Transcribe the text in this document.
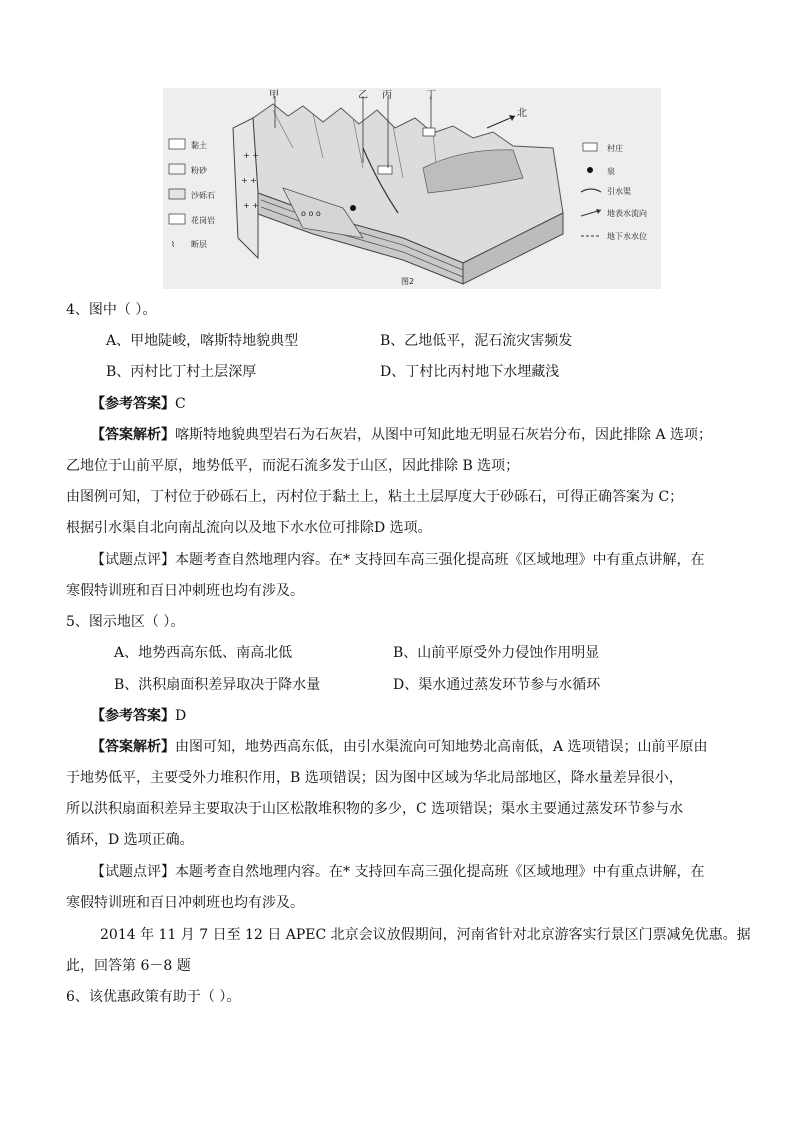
+ +
+ +
+ +
o o o
⌇
甲	乙 丙	丁
北
图2
黏土
粉砂
沙砾石
花岗岩
断层
村庄
泉
引水渠
地表水流向
地下水水位
4、图中（ ）。
A、甲地陡峻，喀斯特地貌典型	B、乙地低平，泥石流灾害频发
B、丙村比丁村土层深厚	D、丁村比丙村地下水埋藏浅
【参考答案】C
【答案解析】喀斯特地貌典型岩石为石灰岩，从图中可知此地无明显石灰岩分布，因此排除 A 选项；
乙地位于山前平原，地势低平，而泥石流多发于山区，因此排除 B 选项；
由图例可知，丁村位于砂砾石上，丙村位于黏土上，粘土土层厚度大于砂砾石，可得正确答案为 C；
根据引水渠自北向南乩流向以及地下水水位可排除D 选项。
【试题点评】本题考查自然地理内容。在* 支持回车高三强化提高班《区域地理》中有重点讲解，在
寒假特训班和百日冲刺班也均有涉及。
5、图示地区（ ）。
A、地势西高东低、南高北低	B、山前平原受外力侵蚀作用明显
B、洪积扇面积差异取决于降水量	D、渠水通过蒸发环节参与水循环
【参考答案】D
【答案解析】由图可知，地势西高东低，由引水渠流向可知地势北高南低，A 选项错误；山前平原由
于地势低平，主要受外力堆积作用，B 选项错误；因为图中区域为华北局部地区，降水量差异很小，
所以洪积扇面积差异主要取决于山区松散堆积物的多少，C 选项错误；渠水主要通过蒸发环节参与水
循环，D 选项正确。
【试题点评】本题考查自然地理内容。在* 支持回车高三强化提高班《区域地理》中有重点讲解，在
寒假特训班和百日冲刺班也均有涉及。
2014 年 11 月 7 日至 12 日 APEC 北京会议放假期间，河南省针对北京游客实行景区门票减免优惠。据
此，回答第 6－8 题
6、该优惠政策有助于（ ）。
